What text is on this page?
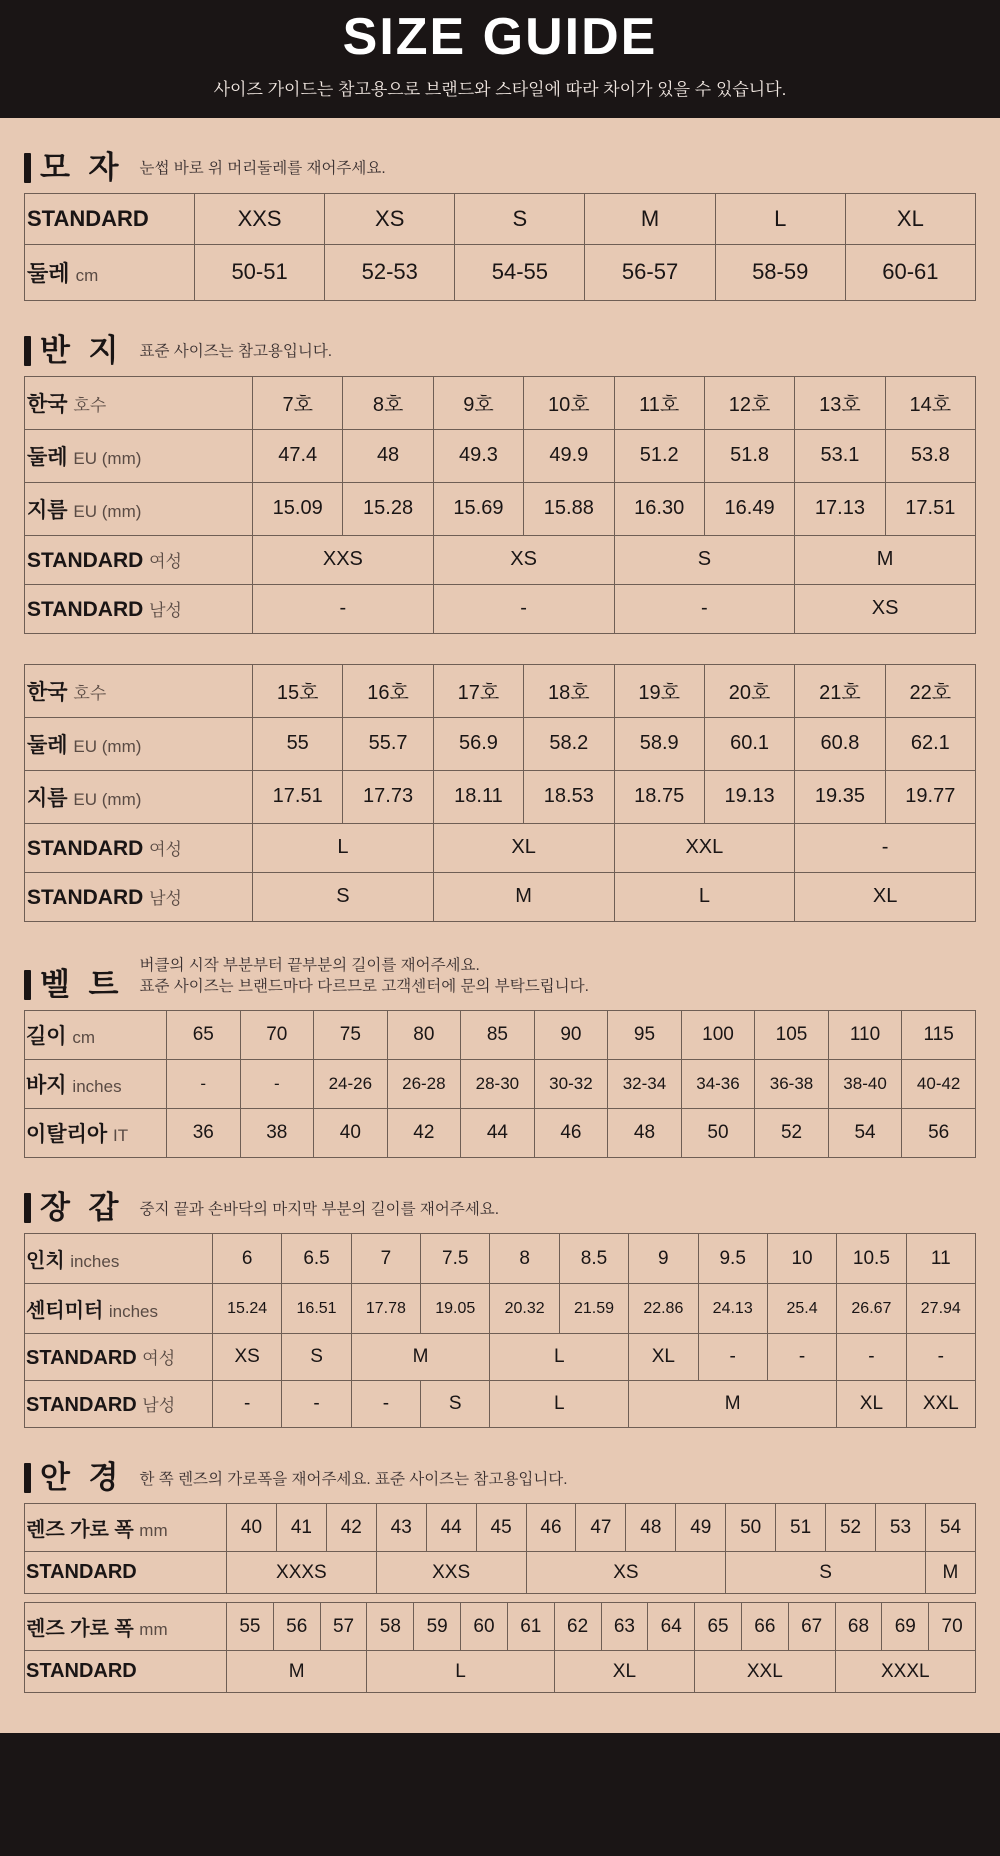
SIZE GUIDE
사이즈 가이드는 참고용으로 브랜드와 스타일에 따라 차이가 있을 수 있습니다.
모 자 눈썹 바로 위 머리둘레를 재어주세요.
STANDARD	XXS	XS	S	M	L	XL
둘레 cm	50-51	52-53	54-55	56-57	58-59	60-61
반 지 표준 사이즈는 참고용입니다.
한국 호수	7호	8호	9호	10호	11호	12호	13호	14호
둘레 EU (mm)	47.4	48	49.3	49.9	51.2	51.8	53.1	53.8
지름 EU (mm)	15.09	15.28	15.69	15.88	16.30	16.49	17.13	17.51
STANDARD 여성	XXS		XS		S		M	
STANDARD 남성	-		-		-		XS	

한국 호수	15호	16호	17호	18호	19호	20호	21호	22호
둘레 EU (mm)	55	55.7	56.9	58.2	58.9	60.1	60.8	62.1
지름 EU (mm)	17.51	17.73	18.11	18.53	18.75	19.13	19.35	19.77
STANDARD 여성	L		XL		XXL		-	
STANDARD 남성	S		M		L		XL	
벨 트
버클의 시작 부분부터 끝부분의 길이를 재어주세요.
표준 사이즈는 브랜드마다 다르므로 고객센터에 문의 부탁드립니다.
길이 cm	65	70	75	80	85	90	95	100	105	110	115
바지 inches	-	-	24-26	26-28	28-30	30-32	32-34	34-36	36-38	38-40	40-42
이탈리아 IT	36	38	40	42	44	46	48	50	52	54	56
장 갑 중지 끝과 손바닥의 마지막 부분의 길이를 재어주세요.
인치 inches	6	6.5	7	7.5	8	8.5	9	9.5	10	10.5	11
센티미터 inches	15.24	16.51	17.78	19.05	20.32	21.59	22.86	24.13	25.4	26.67	27.94
STANDARD 여성	XS	S	M		L		XL	-	-	-	-
STANDARD 남성	-	-	-	S	L		M			XL	XXL
안 경 한 쪽 렌즈의 가로폭을 재어주세요. 표준 사이즈는 참고용입니다.
렌즈 가로 폭 mm	40	41	42	43	44	45	46	47	48	49	50	51	52	53	54
STANDARD	XXXS			XXS			XS				S				M
렌즈 가로 폭 mm	55	56	57	58	59	60	61	62	63	64	65	66	67	68	69	70
STANDARD	M			L				XL			XXL			XXXL		
